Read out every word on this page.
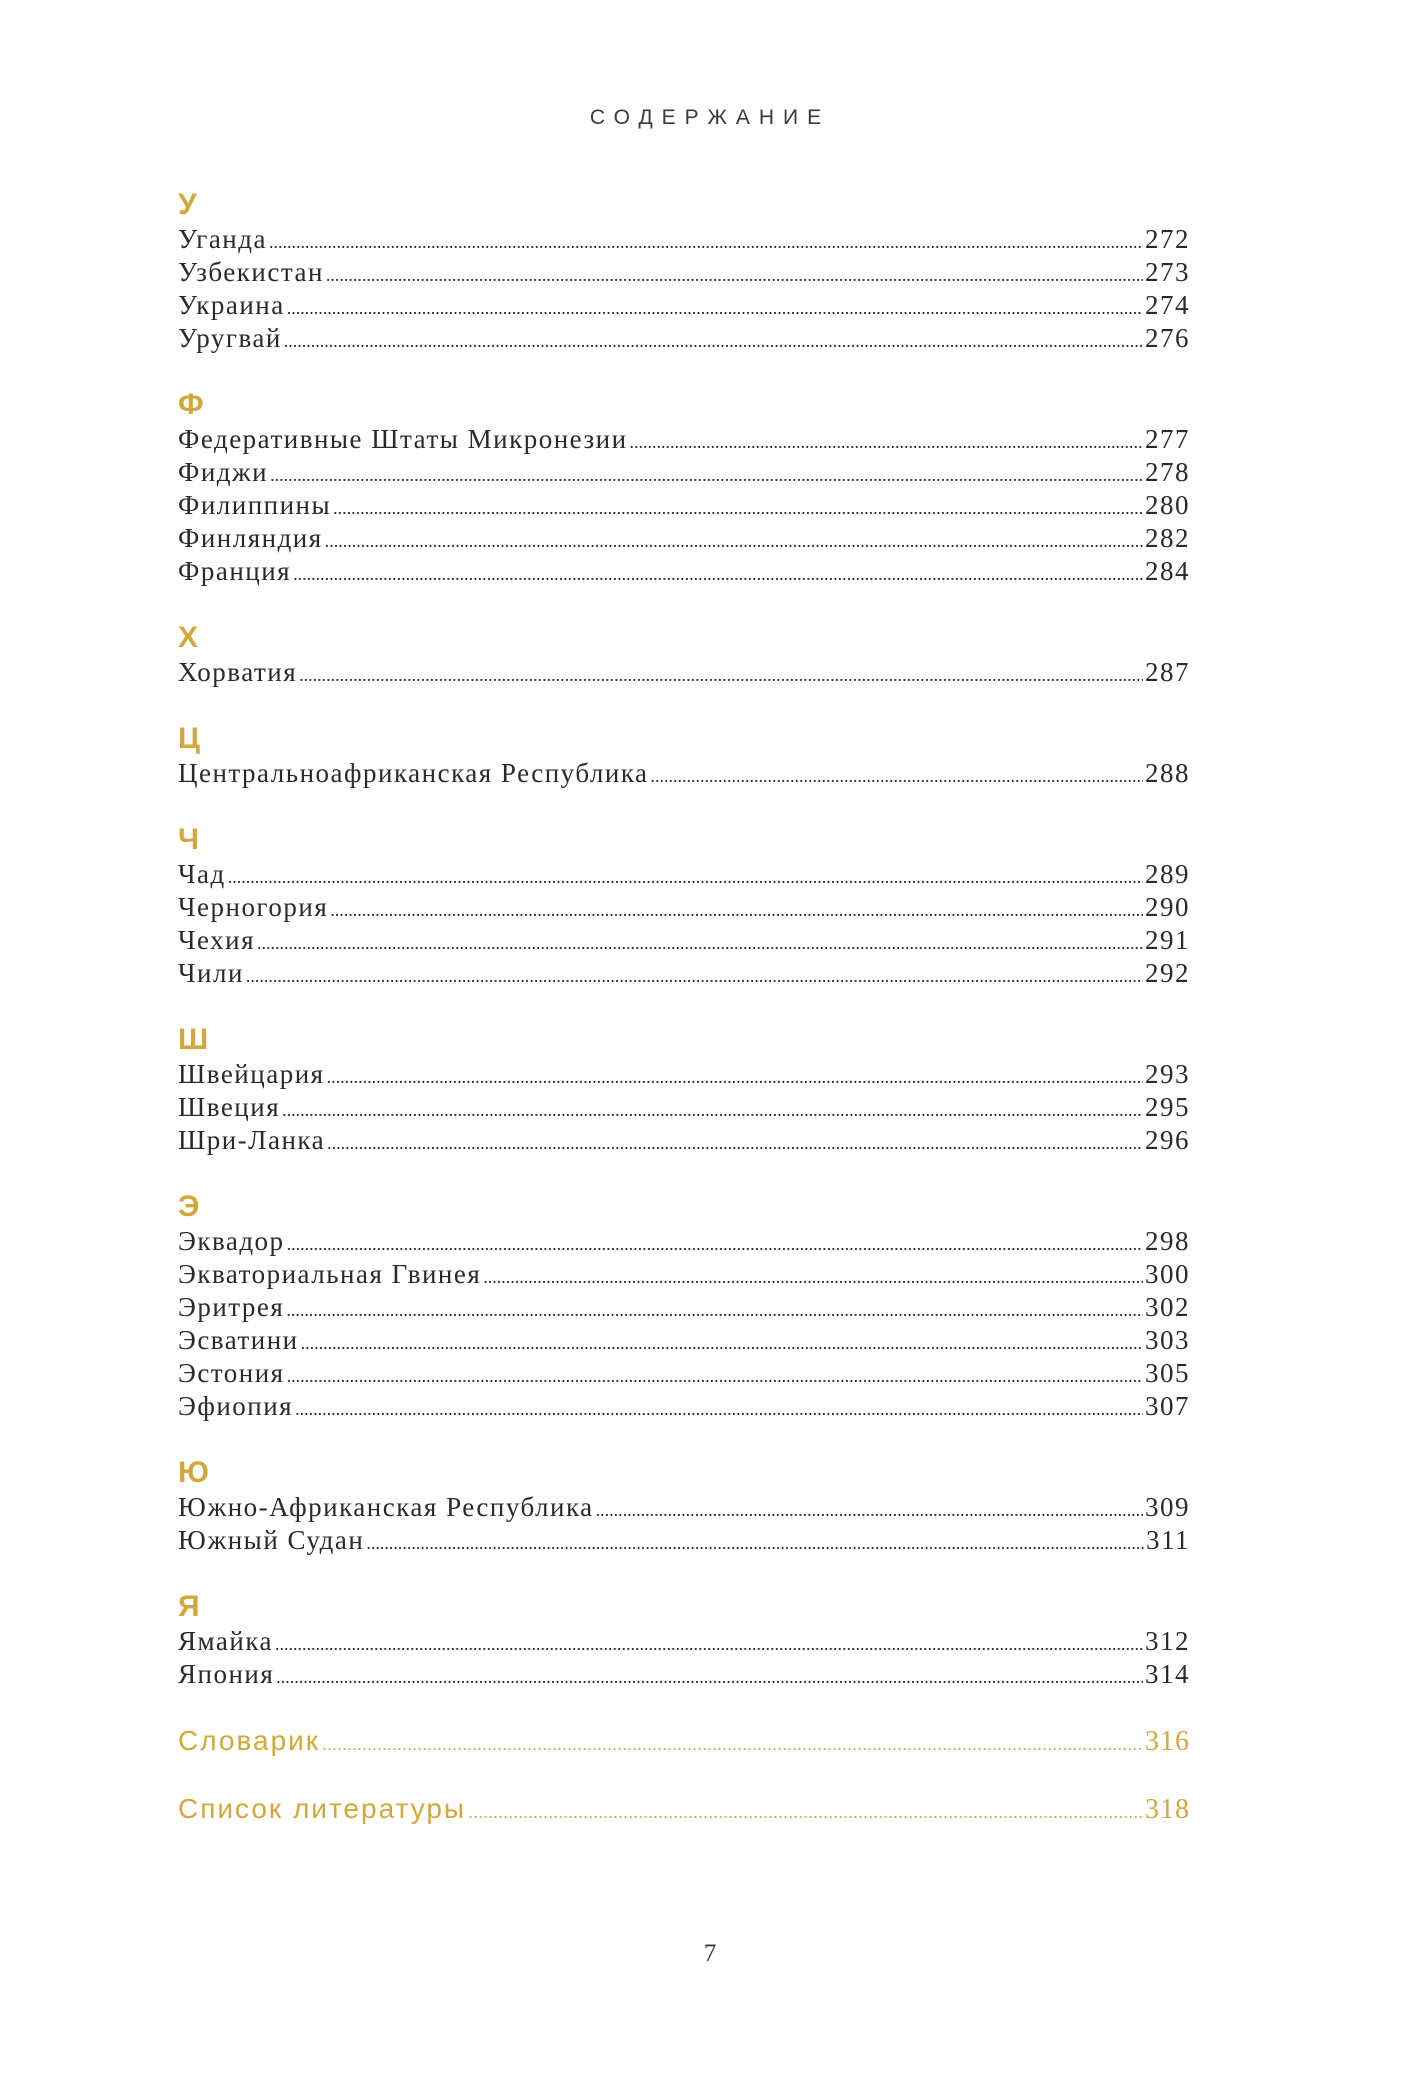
СОДЕРЖАНИЕ
У
Уганда .....	272
Узбекистан .....	273
Украина .....	274
Уругвай .....	276
Ф
Федеративные Штаты Микронезии .....	277
Фиджи .....	278
Филиппины .....	280
Финляндия .....	282
Франция .....	284
Х
Хорватия .....	287
Ц
Центральноафриканская Республика .....	288
Ч
Чад .....	289
Черногория .....	290
Чехия .....	291
Чили .....	292
Ш
Швейцария .....	293
Швеция .....	295
Шри-Ланка .....	296
Э
Эквадор .....	298
Экваториальная Гвинея .....	300
Эритрея .....	302
Эсватини .....	303
Эстония .....	305
Эфиопия .....	307
Ю
Южно-Африканская Республика .....	309
Южный Судан .....	311
Я
Ямайка .....	312
Япония .....	314
Словарик .....	316
Список литературы .....	318
7
